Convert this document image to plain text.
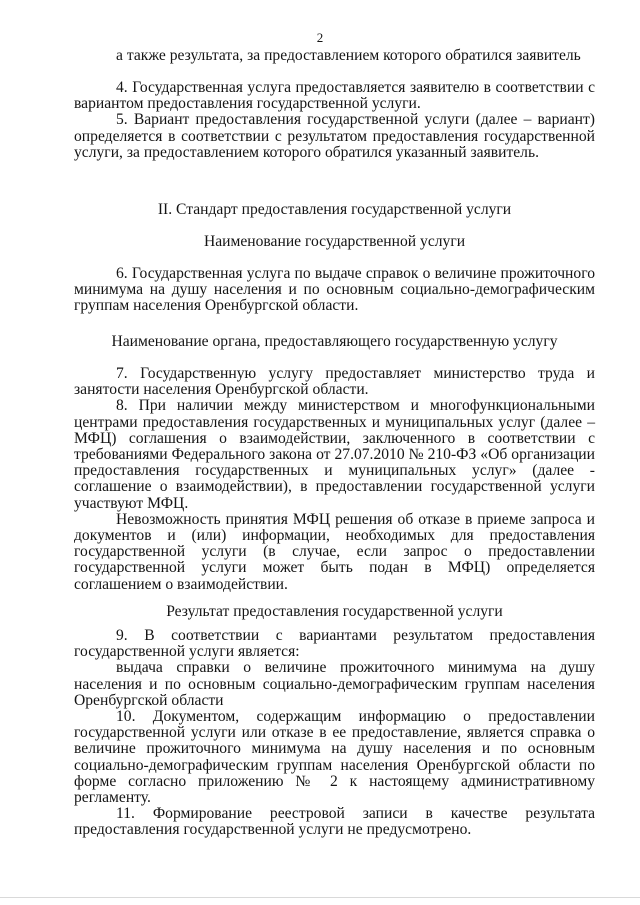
2

а также результата, за предоставлением которого обратился заявитель

4. Государственная услуга предоставляется заявителю в соответствии с вариантом предоставления государственной услуги.

5. Вариант предоставления государственной услуги (далее – вариант) определяется в соответствии с результатом предоставления государственной услуги, за предоставлением которого обратился указанный заявитель.

II. Стандарт предоставления государственной услуги

Наименование государственной услуги

6. Государственная услуга по выдаче справок о величине прожиточного минимума на душу населения и по основным социально-демографическим группам населения Оренбургской области.

Наименование органа, предоставляющего государственную услугу

7. Государственную услугу предоставляет министерство труда и занятости населения Оренбургской области.

8. При наличии между министерством и многофункциональными центрами предоставления государственных и муниципальных услуг (далее – МФЦ) соглашения о взаимодействии, заключенного в соответствии с требованиями Федерального закона от 27.07.2010 № 210-ФЗ «Об организации предоставления государственных и муниципальных услуг» (далее - соглашение о взаимодействии), в предоставлении государственной услуги участвуют МФЦ.

Невозможность принятия МФЦ решения об отказе в приеме запроса и документов и (или) информации, необходимых для предоставления государственной услуги (в случае, если запрос о предоставлении государственной услуги может быть подан в МФЦ) определяется соглашением о взаимодействии.

Результат предоставления государственной услуги

9. В соответствии с вариантами результатом предоставления государственной услуги является:

выдача справки о величине прожиточного минимума на душу населения и по основным социально-демографическим группам населения Оренбургской области

10. Документом, содержащим информацию о предоставлении государственной услуги или отказе в ее предоставление, является справка о величине прожиточного минимума на душу населения и по основным социально-демографическим группам населения Оренбургской области по форме согласно приложению № 2 к настоящему административному регламенту.

11. Формирование реестровой записи в качестве результата предоставления государственной услуги не предусмотрено.
